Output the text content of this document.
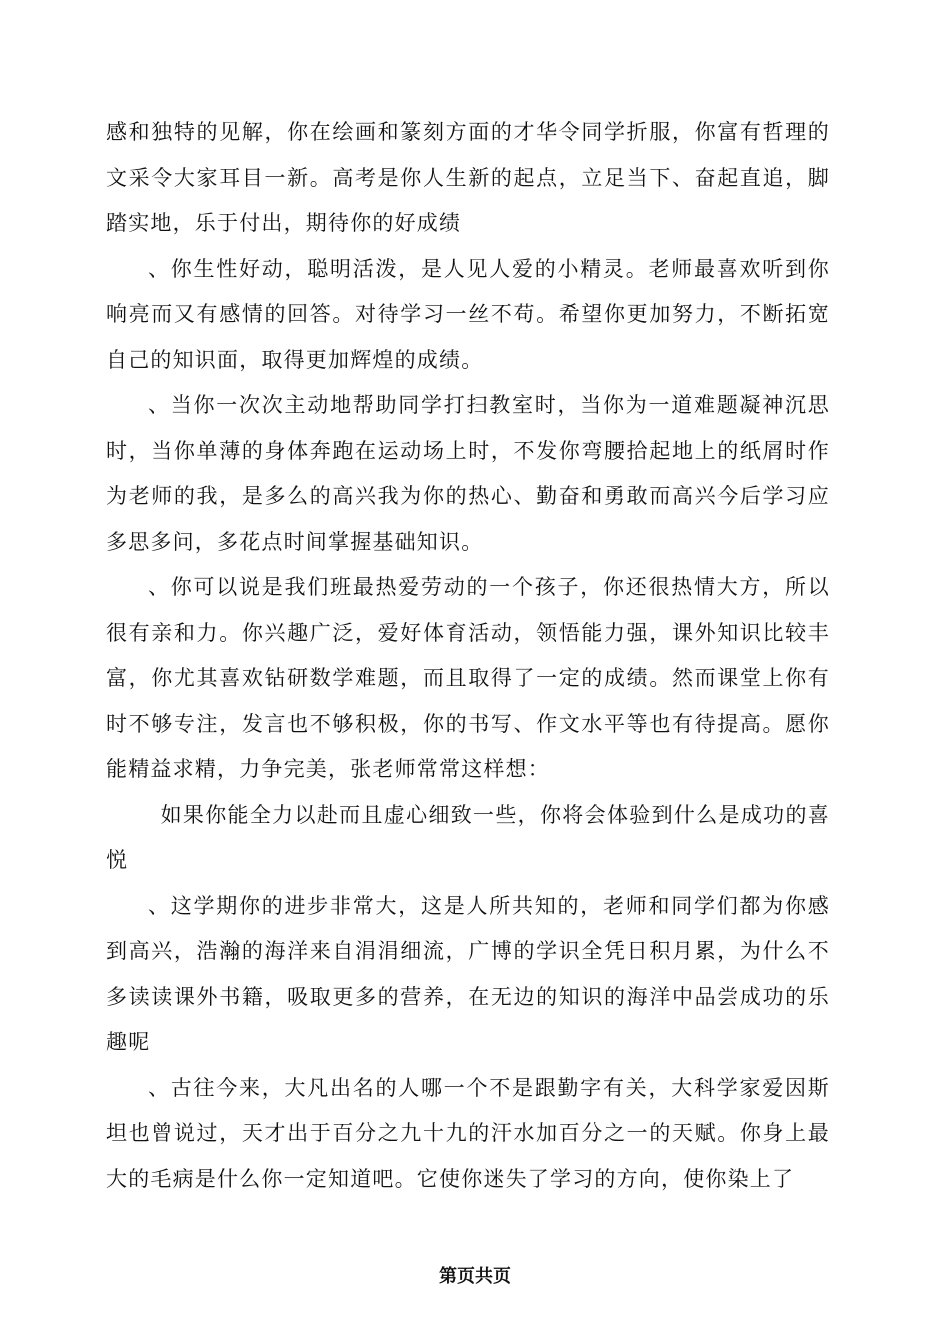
感和独特的见解，你在绘画和篆刻方面的才华令同学折服，你富有哲理的文采令大家耳目一新。高考是你人生新的起点，立足当下、奋起直追，脚踏实地，乐于付出，期待你的好成绩

、你生性好动，聪明活泼，是人见人爱的小精灵。老师最喜欢听到你响亮而又有感情的回答。对待学习一丝不苟。希望你更加努力，不断拓宽自己的知识面，取得更加辉煌的成绩。

、当你一次次主动地帮助同学打扫教室时，当你为一道难题凝神沉思时，当你单薄的身体奔跑在运动场上时，不发你弯腰拾起地上的纸屑时作为老师的我，是多么的高兴我为你的热心、勤奋和勇敢而高兴今后学习应多思多问，多花点时间掌握基础知识。

、你可以说是我们班最热爱劳动的一个孩子，你还很热情大方，所以很有亲和力。你兴趣广泛，爱好体育活动，领悟能力强，课外知识比较丰富，你尤其喜欢钻研数学难题，而且取得了一定的成绩。然而课堂上你有时不够专注，发言也不够积极，你的书写、作文水平等也有待提高。愿你能精益求精，力争完美，张老师常常这样想：

如果你能全力以赴而且虚心细致一些，你将会体验到什么是成功的喜悦

、这学期你的进步非常大，这是人所共知的，老师和同学们都为你感到高兴，浩瀚的海洋来自涓涓细流，广博的学识全凭日积月累，为什么不多读读课外书籍，吸取更多的营养，在无边的知识的海洋中品尝成功的乐趣呢

、古往今来，大凡出名的人哪一个不是跟勤字有关，大科学家爱因斯坦也曾说过，天才出于百分之九十九的汗水加百分之一的天赋。你身上最大的毛病是什么你一定知道吧。它使你迷失了学习的方向，使你染上了

第页共页
